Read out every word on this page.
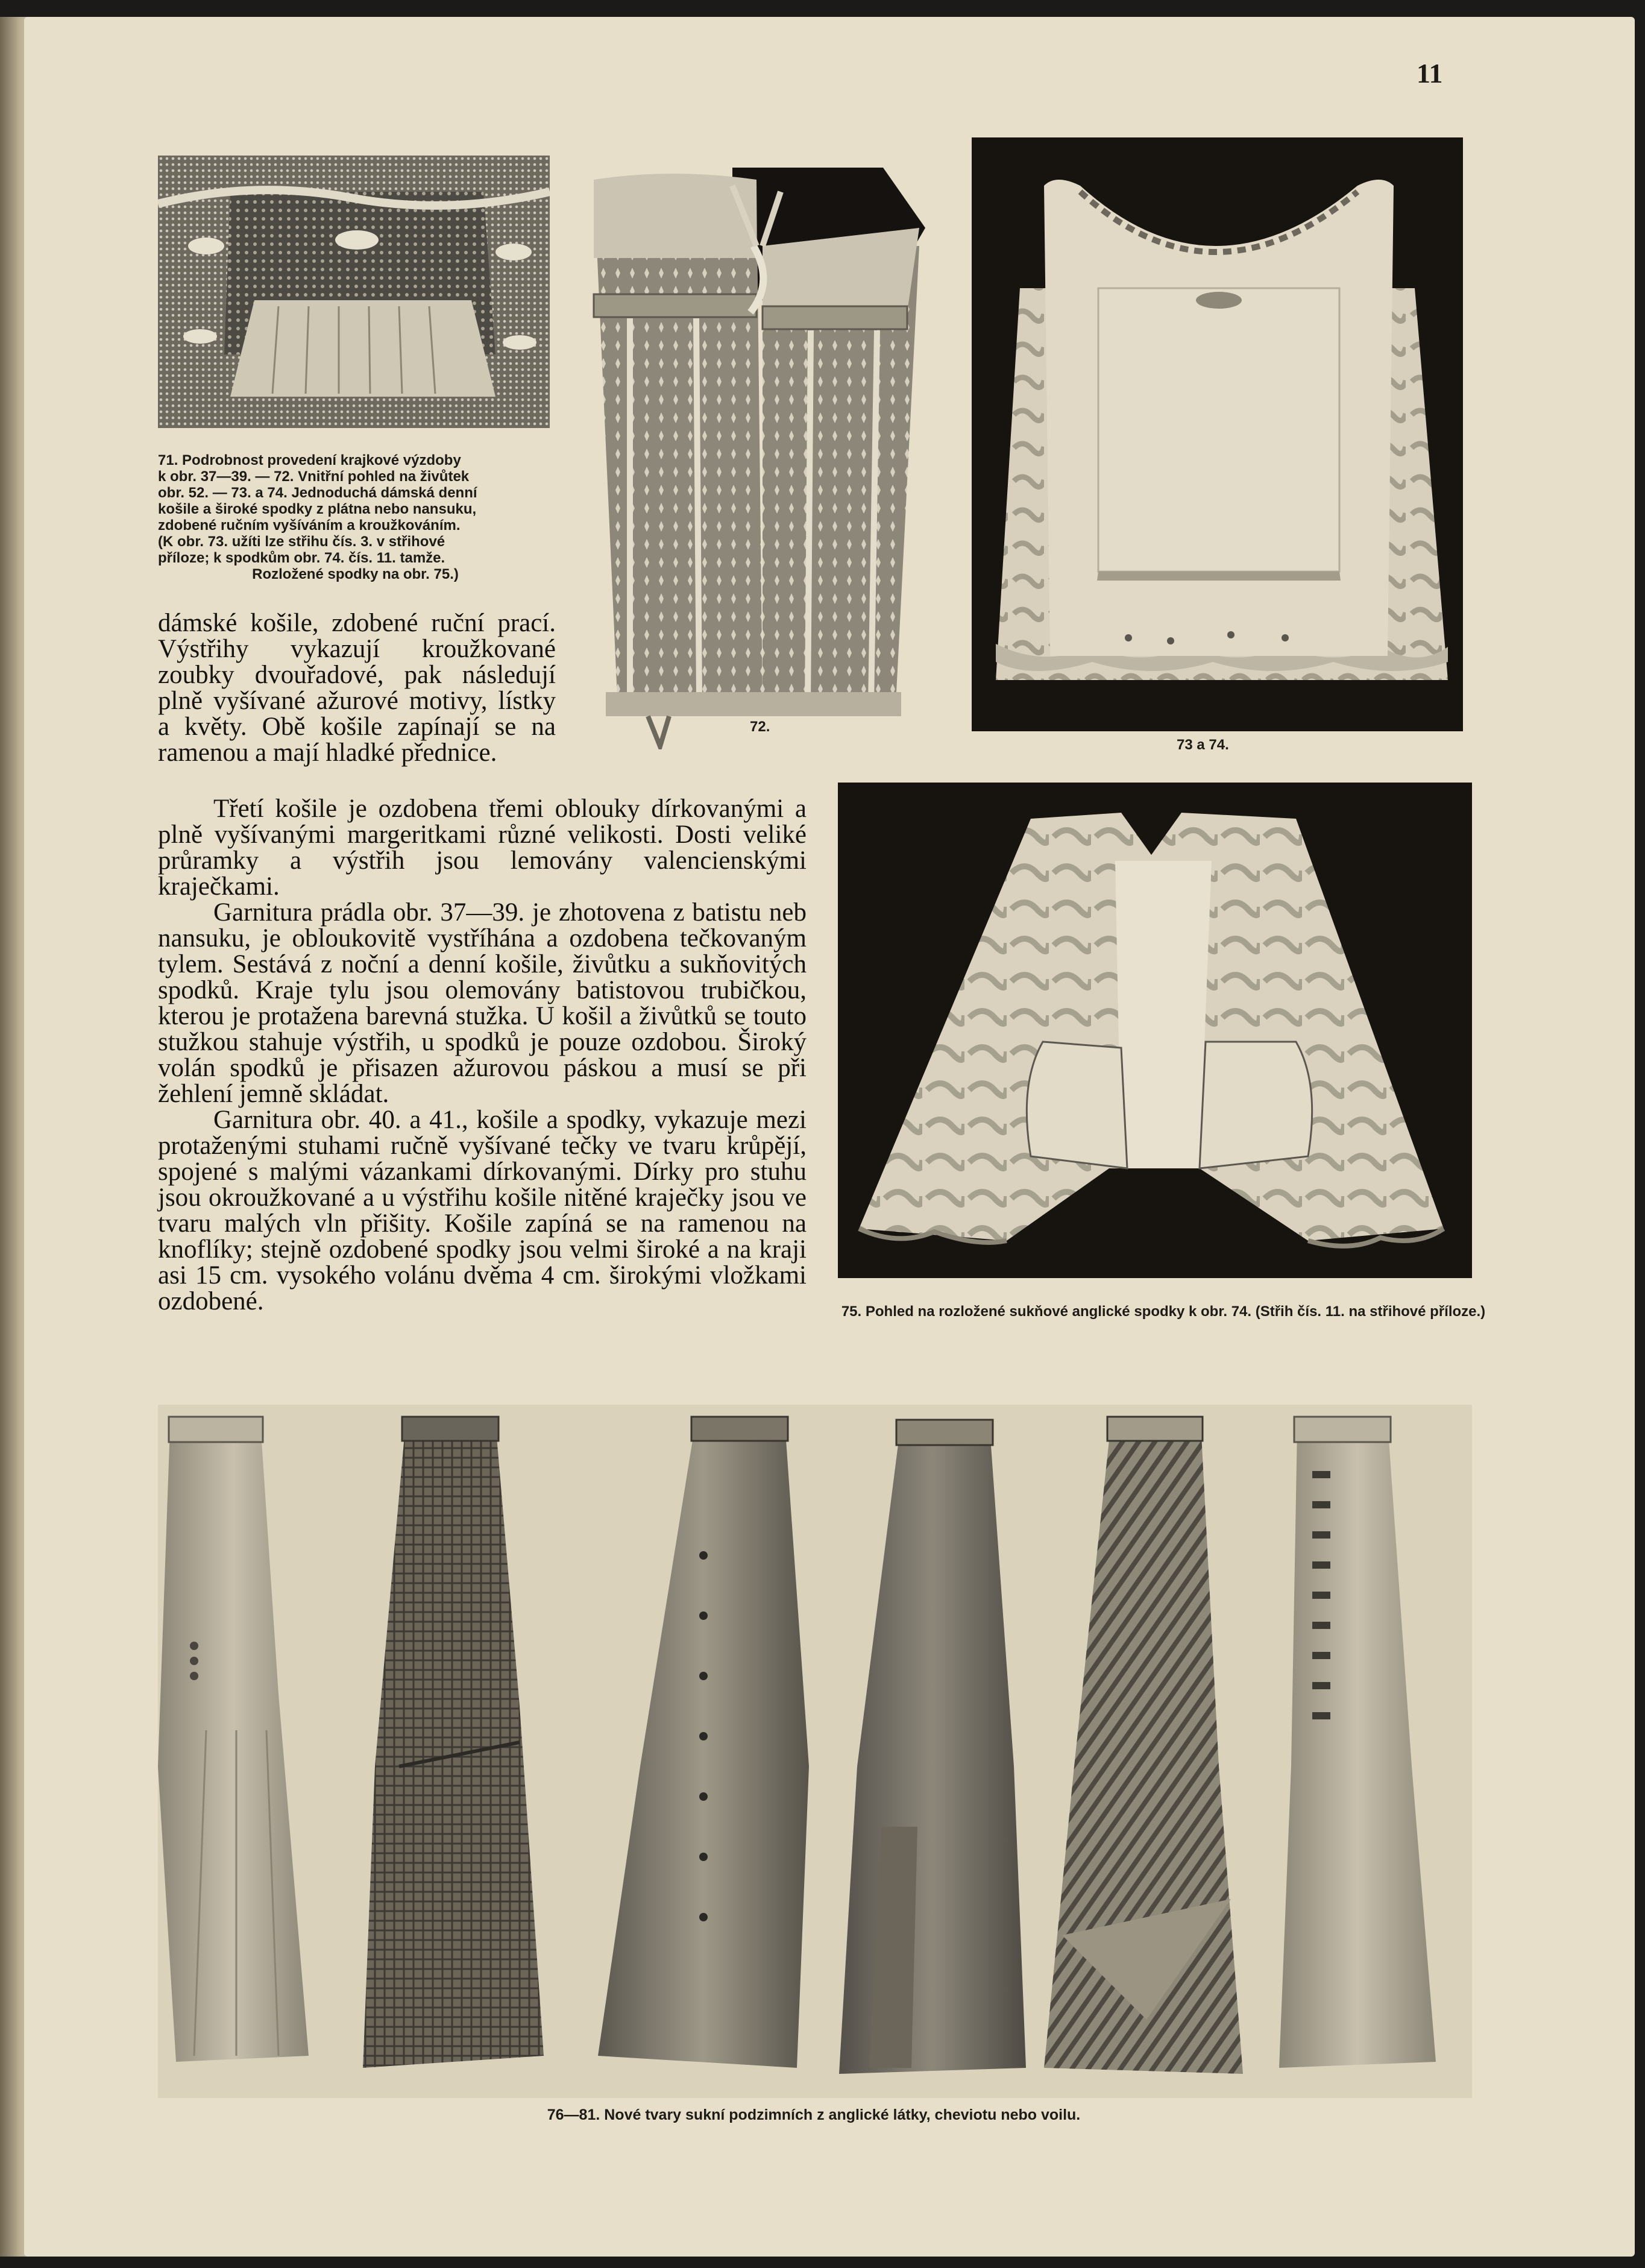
11
71. Podrobnost provedení krajkové výzdoby
k obr. 37—39. — 72. Vnitřní pohled na živůtek
obr. 52. — 73. a 74. Jednoduchá dámská denní
košile a široké spodky z plátna nebo nansuku,
zdobené ručním vyšíváním a kroužkováním.
(K obr. 73. užíti lze střihu čís. 3. v střihové
příloze; k spodkům obr. 74. čís. 11. tamže.
Rozložené spodky na obr. 75.)
72.
73 a 74.
75. Pohled na rozložené sukňové anglické spodky k obr. 74. (Střih čís. 11. na střihové příloze.)

dámské košile, zdobené ruční prací. Výstřihy vykazují kroužkované zoubky dvouřadové, pak následují plně vyšívané ažurové motivy, lístky a květy. Obě košile zapínají se na ramenou a mají hladké přednice.

Třetí košile je ozdobena třemi oblouky dírkovanými a plně vyšívanými margeritkami různé velikosti. Dosti veliké průramky a výstřih jsou lemovány valencienskými kraječkami.

Garnitura prádla obr. 37—39. je zhotovena z batistu neb nansuku, je obloukovitě vystříhána a ozdobena tečkovaným tylem. Sestává z noční a denní košile, živůtku a sukňovitých spodků. Kraje tylu jsou olemovány batistovou trubičkou, kterou je protažena barevná stužka. U košil a živůtků se touto stužkou stahuje výstřih, u spodků je pouze ozdobou. Široký volán spodků je přisazen ažurovou páskou a musí se při žehlení jemně skládat.

Garnitura obr. 40. a 41., košile a spodky, vykazuje mezi protaženými stuhami ručně vyšívané tečky ve tvaru krůpějí, spojené s malými vázankami dírkovanými. Dírky pro stuhu jsou okroužkované a u výstřihu košile nitěné kraječky jsou ve tvaru malých vln přišity. Košile zapíná se na ramenou na knoflíky; stejně ozdobené spodky jsou velmi široké a na kraji asi 15 cm. vysokého volánu dvěma 4 cm. širokými vložkami ozdobené.

76—81. Nové tvary sukní podzimních z anglické látky, cheviotu nebo voilu.
